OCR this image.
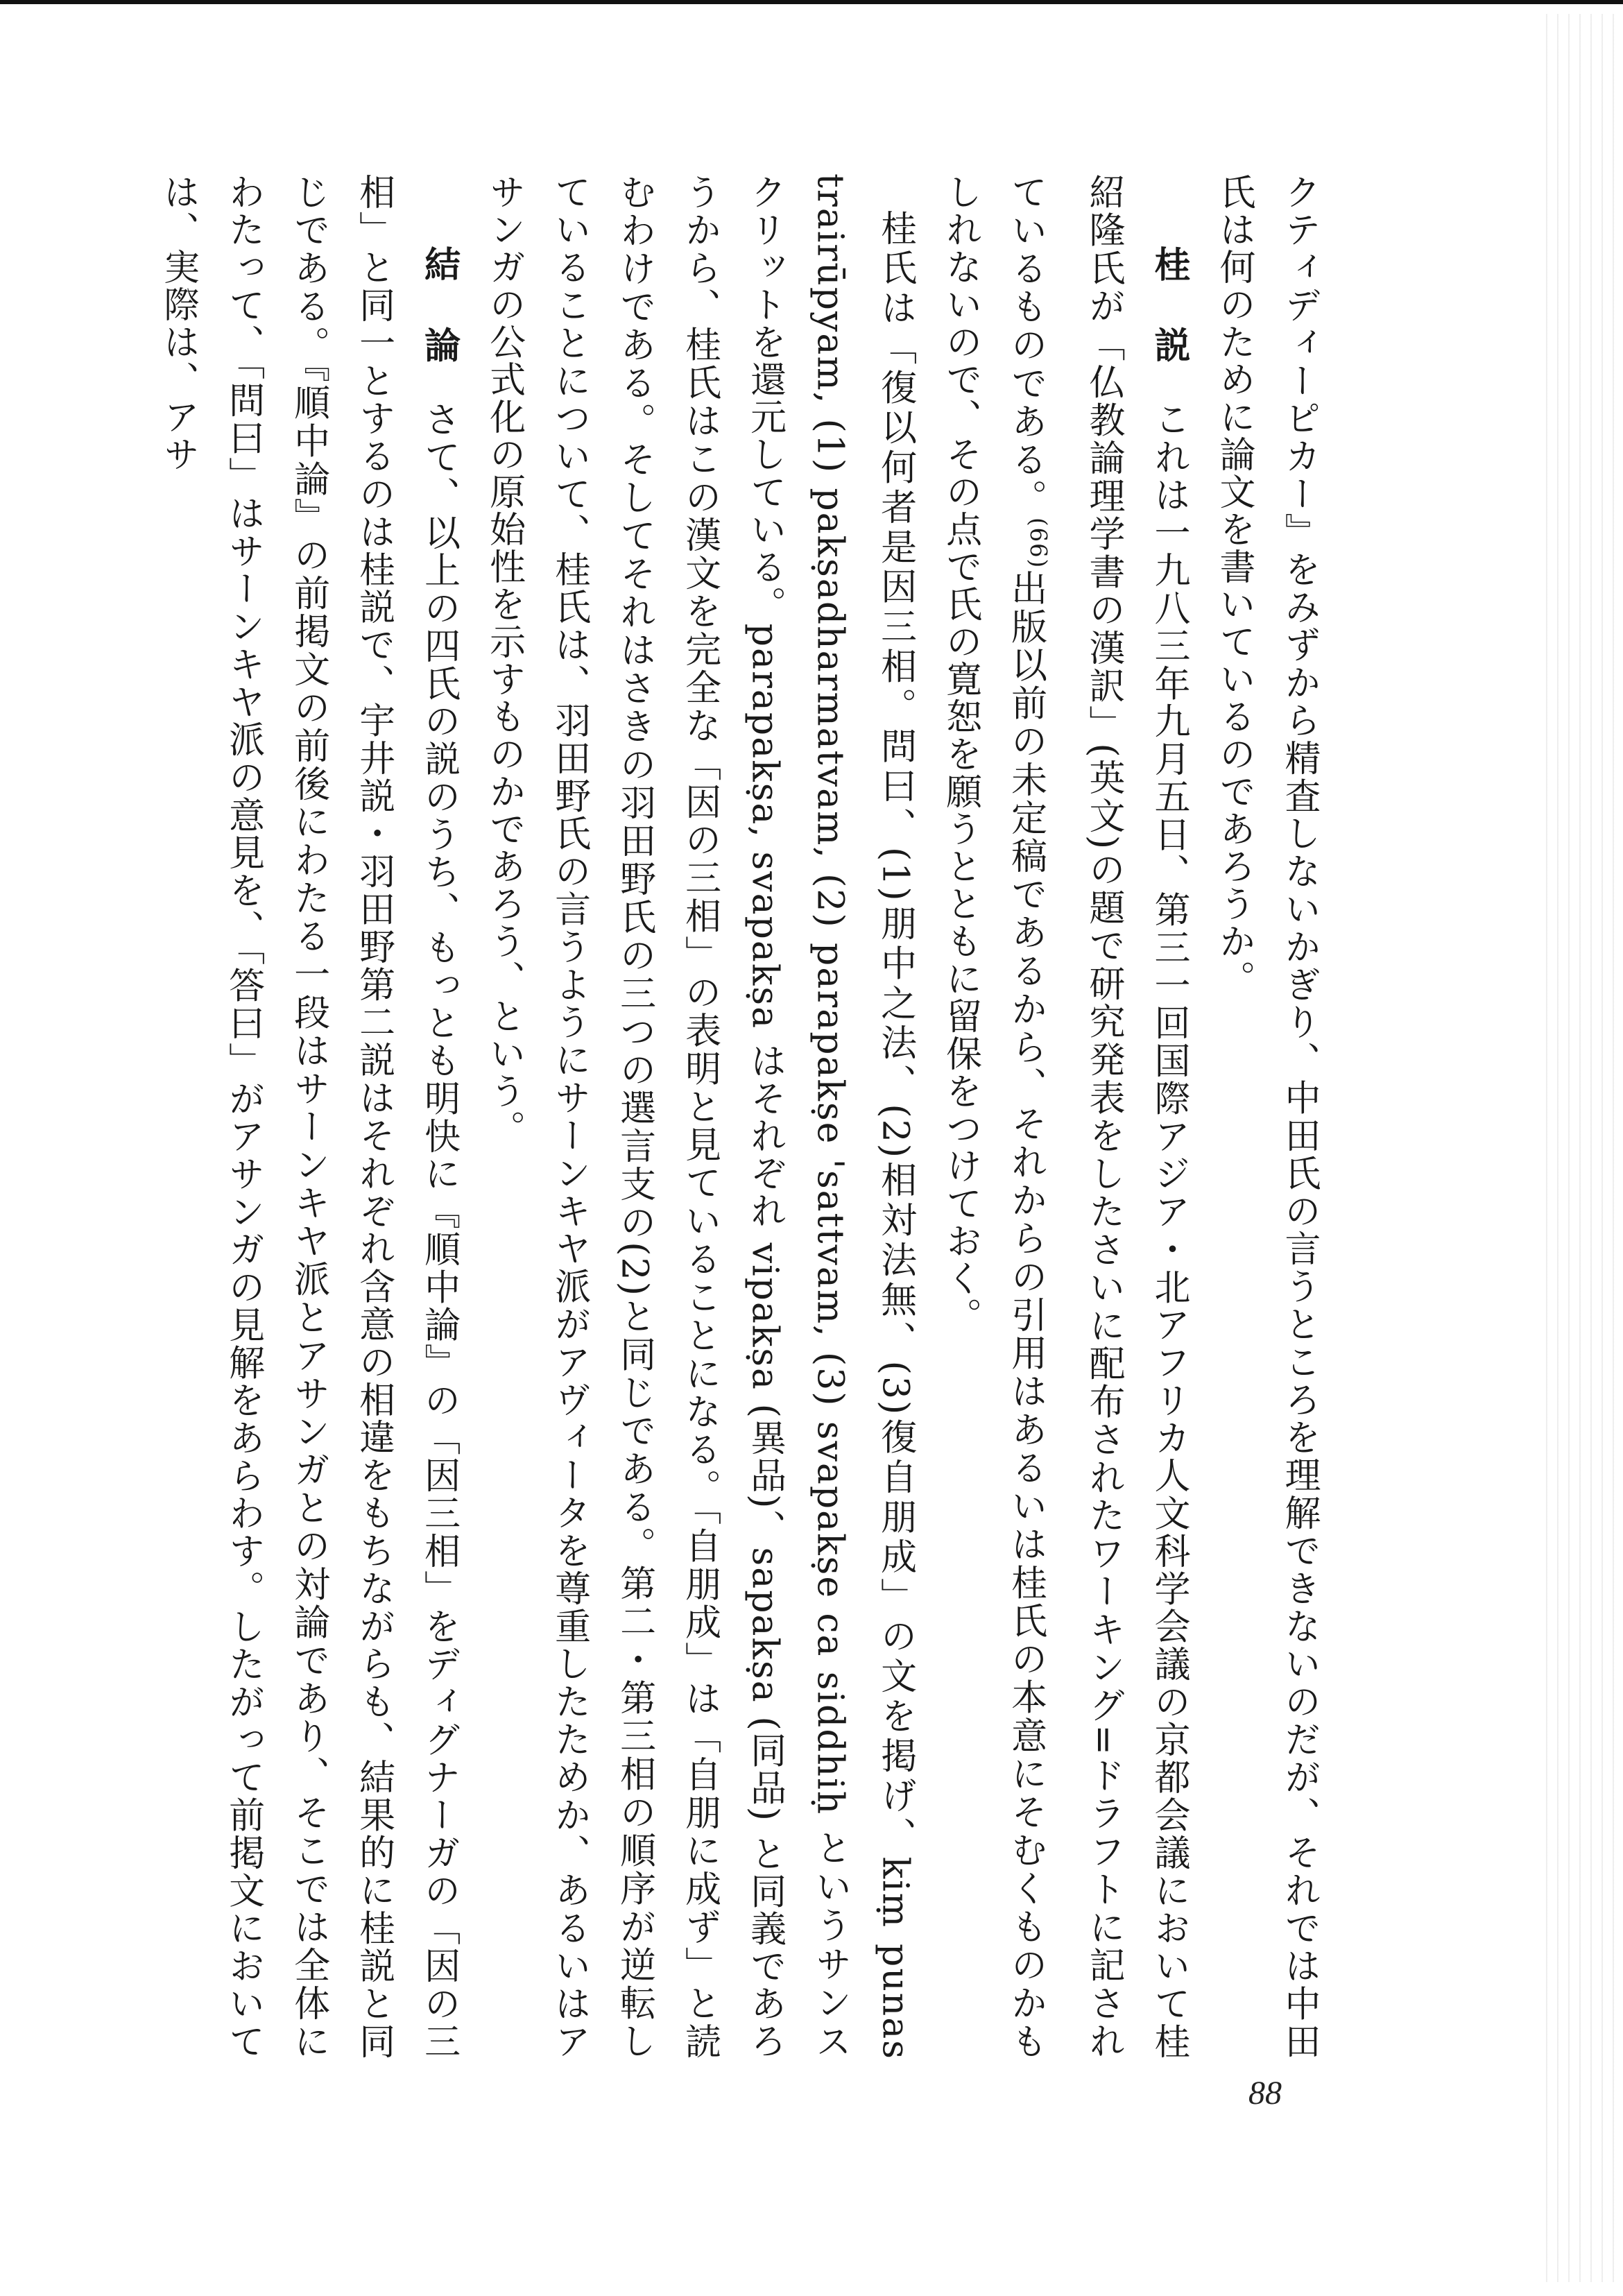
クティディーピカー』をみずから精査しないかぎり、中田氏の言うところを理解できないのだが、それでは中田氏は何のために論文を書いているのであろうか。

桂 説これは一九八三年九月五日、第三一回国際アジア・北アフリカ人文科学会議の京都会議において桂紹隆氏が「仏教論理学書の漢訳」(英文)の題で研究発表をしたさいに配布されたワーキング=ドラフトに記されているものである。$^{(66)}$出版以前の未定稿であるから、それからの引用はあるいは桂氏の本意にそむくものかもしれないので、その点で氏の寛恕を願うとともに留保をつけておく。

桂氏は「復以何者是因三相。問曰、(1)朋中之法、(2)相対法無、(3)復自朋成」の文を掲げ、kiṃ punas trairūpyam, (1) pakṣadharmatvam, (2) parapakṣe 'sattvam, (3) svapakṣe ca siddhiḥ というサンスクリットを還元している。parapakṣa, svapakṣa はそれぞれ vipakṣa (異品)、sapakṣa (同品) と同義であろうから、桂氏はこの漢文を完全な「因の三相」の表明と見ていることになる。「自朋成」は「自朋に成ず」と読むわけである。そしてそれはさきの羽田野氏の三つの選言支の(2)と同じである。第二・第三相の順序が逆転していることについて、桂氏は、羽田野氏の言うようにサーンキヤ派がアヴィータを尊重したためか、あるいはアサンガの公式化の原始性を示すものかであろう、という。

結 論さて、以上の四氏の説のうち、もっとも明快に『順中論』の「因三相」をディグナーガの「因の三相」と同一とするのは桂説で、宇井説・羽田野第二説はそれぞれ含意の相違をもちながらも、結果的に桂説と同じである。『順中論』の前掲文の前後にわたる一段はサーンキヤ派とアサンガとの対論であり、そこでは全体にわたって、「問曰」はサーンキヤ派の意見を、「答曰」がアサンガの見解をあらわす。したがって前掲文においては、実際は、アサ

88
